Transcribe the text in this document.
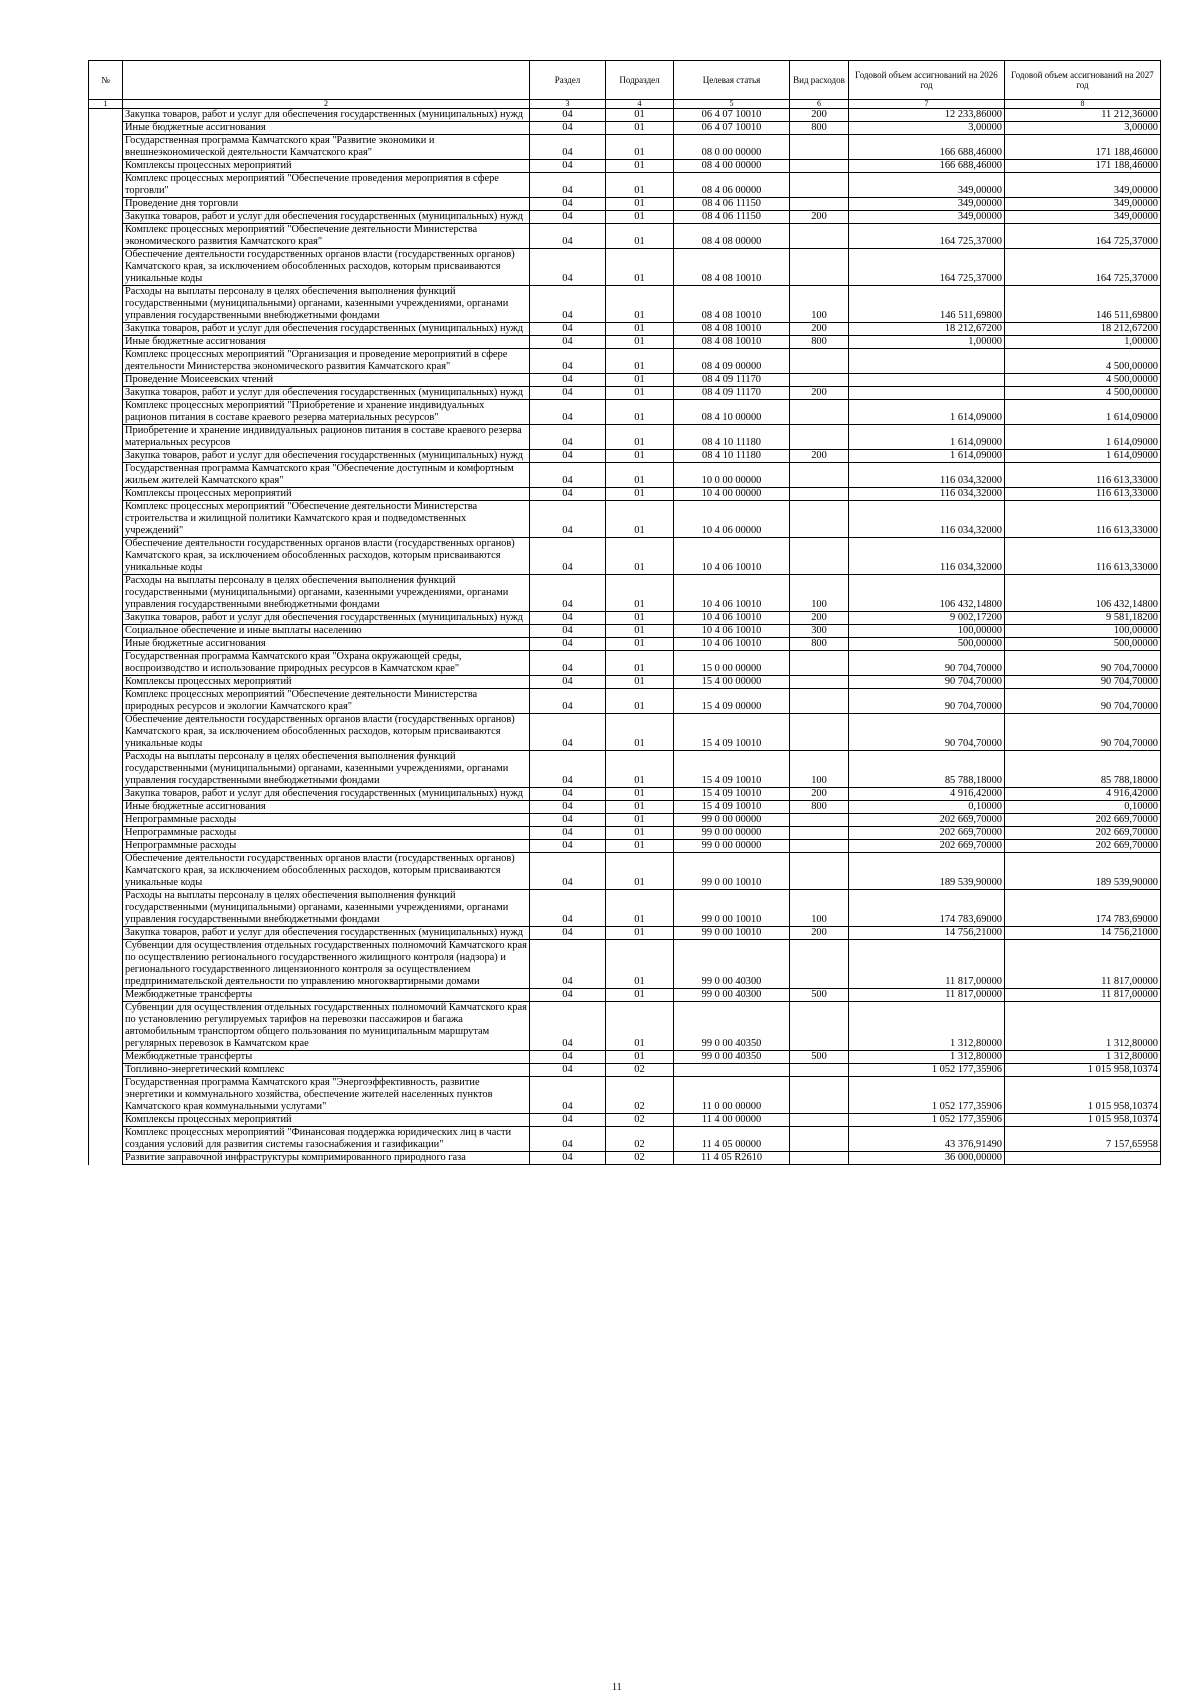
№		Раздел	Подраздел	Целевая статья	Вид расходов	Годовой объем ассигнований на 2026 год	Годовой объем ассигнований на 2027 год
1	2	3	4	5	6	7	8
	Закупка товаров, работ и услуг для обеспечения государственных (муниципальных) нужд	04	01	06 4 07 10010	200	12 233,86000	11 212,36000
	Иные бюджетные ассигнования	04	01	06 4 07 10010	800	3,00000	3,00000
	Государственная программа Камчатского края "Развитие экономики и внешнеэкономической деятельности Камчатского края"	04	01	08 0 00 00000		166 688,46000	171 188,46000
	Комплексы процессных мероприятий	04	01	08 4 00 00000		166 688,46000	171 188,46000
	Комплекс процессных мероприятий "Обеспечение проведения мероприятия в сфере торговли"	04	01	08 4 06 00000		349,00000	349,00000
	Проведение дня торговли	04	01	08 4 06 11150		349,00000	349,00000
	Закупка товаров, работ и услуг для обеспечения государственных (муниципальных) нужд	04	01	08 4 06 11150	200	349,00000	349,00000
	Комплекс процессных мероприятий "Обеспечение деятельности Министерства экономического развития Камчатского края"	04	01	08 4 08 00000		164 725,37000	164 725,37000
	Обеспечение деятельности государственных органов власти (государственных органов) Камчатского края, за исключением обособленных расходов, которым присваиваются уникальные коды	04	01	08 4 08 10010		164 725,37000	164 725,37000
	Расходы на выплаты персоналу в целях обеспечения выполнения функций государственными (муниципальными) органами, казенными учреждениями, органами управления государственными внебюджетными фондами	04	01	08 4 08 10010	100	146 511,69800	146 511,69800
	Закупка товаров, работ и услуг для обеспечения государственных (муниципальных) нужд	04	01	08 4 08 10010	200	18 212,67200	18 212,67200
	Иные бюджетные ассигнования	04	01	08 4 08 10010	800	1,00000	1,00000
	Комплекс процессных мероприятий "Организация и проведение мероприятий в сфере деятельности Министерства экономического развития Камчатского края"	04	01	08 4 09 00000			4 500,00000
	Проведение Моисеевских чтений	04	01	08 4 09 11170			4 500,00000
	Закупка товаров, работ и услуг для обеспечения государственных (муниципальных) нужд	04	01	08 4 09 11170	200		4 500,00000
	Комплекс процессных мероприятий "Приобретение и хранение индивидуальных рационов питания в составе краевого резерва материальных ресурсов"	04	01	08 4 10 00000		1 614,09000	1 614,09000
	Приобретение и хранение индивидуальных рационов питания в составе краевого резерва материальных ресурсов	04	01	08 4 10 11180		1 614,09000	1 614,09000
	Закупка товаров, работ и услуг для обеспечения государственных (муниципальных) нужд	04	01	08 4 10 11180	200	1 614,09000	1 614,09000
	Государственная программа Камчатского края "Обеспечение доступным и комфортным жильем жителей Камчатского края"	04	01	10 0 00 00000		116 034,32000	116 613,33000
	Комплексы процессных мероприятий	04	01	10 4 00 00000		116 034,32000	116 613,33000
	Комплекс процессных мероприятий "Обеспечение деятельности Министерства строительства и жилищной политики Камчатского края и подведомственных учреждений"	04	01	10 4 06 00000		116 034,32000	116 613,33000
	Обеспечение деятельности государственных органов власти (государственных органов) Камчатского края, за исключением обособленных расходов, которым присваиваются уникальные коды	04	01	10 4 06 10010		116 034,32000	116 613,33000
	Расходы на выплаты персоналу в целях обеспечения выполнения функций государственными (муниципальными) органами, казенными учреждениями, органами управления государственными внебюджетными фондами	04	01	10 4 06 10010	100	106 432,14800	106 432,14800
	Закупка товаров, работ и услуг для обеспечения государственных (муниципальных) нужд	04	01	10 4 06 10010	200	9 002,17200	9 581,18200
	Социальное обеспечение и иные выплаты населению	04	01	10 4 06 10010	300	100,00000	100,00000
	Иные бюджетные ассигнования	04	01	10 4 06 10010	800	500,00000	500,00000
	Государственная программа Камчатского края "Охрана окружающей среды, воспроизводство и использование природных ресурсов в Камчатском крае"	04	01	15 0 00 00000		90 704,70000	90 704,70000
	Комплексы процессных мероприятий	04	01	15 4 00 00000		90 704,70000	90 704,70000
	Комплекс процессных мероприятий "Обеспечение деятельности Министерства природных ресурсов и экологии Камчатского края"	04	01	15 4 09 00000		90 704,70000	90 704,70000
	Обеспечение деятельности государственных органов власти (государственных органов) Камчатского края, за исключением обособленных расходов, которым присваиваются уникальные коды	04	01	15 4 09 10010		90 704,70000	90 704,70000
	Расходы на выплаты персоналу в целях обеспечения выполнения функций государственными (муниципальными) органами, казенными учреждениями, органами управления государственными внебюджетными фондами	04	01	15 4 09 10010	100	85 788,18000	85 788,18000
	Закупка товаров, работ и услуг для обеспечения государственных (муниципальных) нужд	04	01	15 4 09 10010	200	4 916,42000	4 916,42000
	Иные бюджетные ассигнования	04	01	15 4 09 10010	800	0,10000	0,10000
	Непрограммные расходы	04	01	99 0 00 00000		202 669,70000	202 669,70000
	Непрограммные расходы	04	01	99 0 00 00000		202 669,70000	202 669,70000
	Непрограммные расходы	04	01	99 0 00 00000		202 669,70000	202 669,70000
	Обеспечение деятельности государственных органов власти (государственных органов) Камчатского края, за исключением обособленных расходов, которым присваиваются уникальные коды	04	01	99 0 00 10010		189 539,90000	189 539,90000
	Расходы на выплаты персоналу в целях обеспечения выполнения функций государственными (муниципальными) органами, казенными учреждениями, органами управления государственными внебюджетными фондами	04	01	99 0 00 10010	100	174 783,69000	174 783,69000
	Закупка товаров, работ и услуг для обеспечения государственных (муниципальных) нужд	04	01	99 0 00 10010	200	14 756,21000	14 756,21000
	Субвенции для осуществления отдельных государственных полномочий Камчатского края по осуществлению регионального государственного жилищного контроля (надзора) и регионального государственного лицензионного контроля за осуществлением предпринимательской деятельности по управлению многоквартирными домами	04	01	99 0 00 40300		11 817,00000	11 817,00000
	Межбюджетные трансферты	04	01	99 0 00 40300	500	11 817,00000	11 817,00000
	Субвенции для осуществления отдельных государственных полномочий Камчатского края по установлению регулируемых тарифов на перевозки пассажиров и багажа автомобильным транспортом общего пользования по муниципальным маршрутам регулярных перевозок в Камчатском крае	04	01	99 0 00 40350		1 312,80000	1 312,80000
	Межбюджетные трансферты	04	01	99 0 00 40350	500	1 312,80000	1 312,80000
	Топливно-энергетический комплекс	04	02			1 052 177,35906	1 015 958,10374
	Государственная программа Камчатского края "Энергоэффективность, развитие энергетики и коммунального хозяйства, обеспечение жителей населенных пунктов Камчатского края коммунальными услугами"	04	02	11 0 00 00000		1 052 177,35906	1 015 958,10374
	Комплексы процессных мероприятий	04	02	11 4 00 00000		1 052 177,35906	1 015 958,10374
	Комплекс процессных мероприятий "Финансовая поддержка юридических лиц в части создания условий для развития системы газоснабжения и газификации"	04	02	11 4 05 00000		43 376,91490	7 157,65958
	Развитие заправочной инфраструктуры компримированного природного газа	04	02	11 4 05 R2610		36 000,00000	
11
